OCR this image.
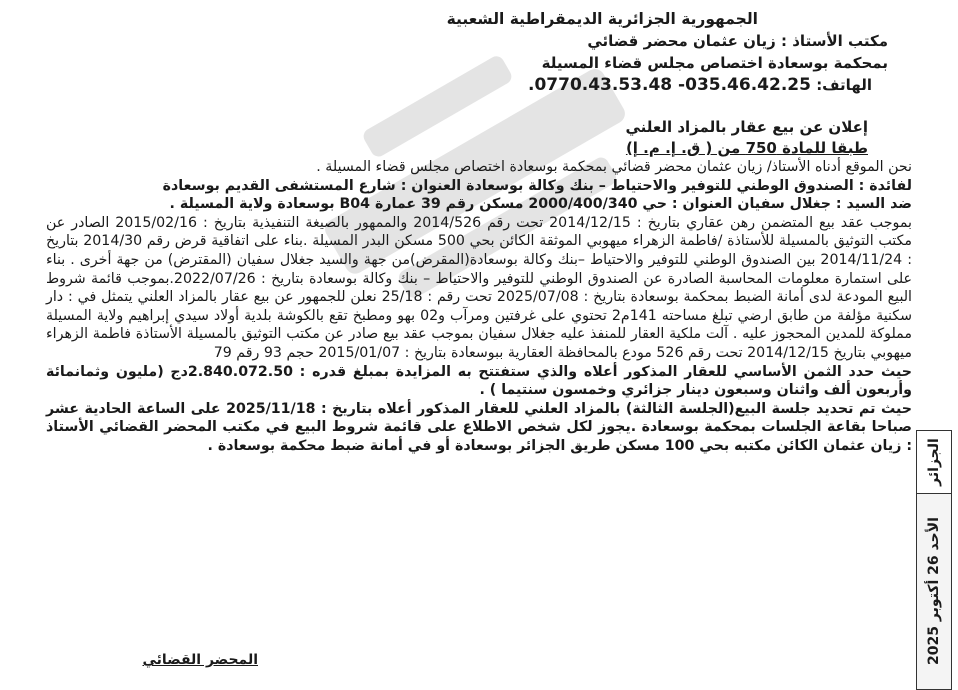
الجمهورية الجزائرية الديمقراطية الشعبية
مكتب الأستاذ : زيان عثمان محضر قضائي
بمحكمة بوسعادة اختصاص مجلس قضاء المسيلة
الهاتف: 035.46.42.25- 0770.43.53.48.
إعلان عن بيع عقار بالمزاد العلني
طبقا للمادة 750 من ( ق. إ. م. إ)

نحن الموقع أدناه الأستاذ/ زيان عثمان محضر قضائي بمحكمة بوسعادة اختصاص مجلس قضاء المسيلة .

لفائدة : الصندوق الوطني للتوفير والاحتياط – بنك وكالة بوسعادة العنوان : شارع المستشفى القديم بوسعادة

ضد السيد : جغلال سفيان العنوان : حي 2000/400/340 مسكن رقم 39 عمارة B04 بوسعادة ولاية المسيلة .

بموجب عقد بيع المتضمن رهن عقاري بتاريخ : 2014/12/15 تحت رقم 2014/526 والممهور بالصيغة التنفيذية بتاريخ : 2015/02/16 الصادر عن مكتب التوثيق بالمسيلة للأستاذة /فاطمة الزهراء ميهوبي الموثقة الكائن بحي 500 مسكن البدر المسيلة .بناء على اتفاقية قرض رقم 2014/30 بتاريخ : 2014/11/24 بين الصندوق الوطني للتوفير والاحتياط –بنك وكالة بوسعادة(المقرض)من جهة والسيد جغلال سفيان (المقترض) من جهة أخرى . بناء على استمارة معلومات المحاسبة الصادرة عن الصندوق الوطني للتوفير والاحتياط – بنك وكالة بوسعادة بتاريخ : 2022/07/26.بموجب قائمة شروط البيع المودعة لدى أمانة الضبط بمحكمة بوسعادة بتاريخ : 2025/07/08 تحت رقم : 25/18 نعلن للجمهور عن بيع عقار بالمزاد العلني يتمثل في : دار سكنية مؤلفة من طابق ارضي تبلغ مساحته 141م2 تحتوي على غرفتين ومرآب و02 بهو ومطبخ تقع بالكوشة بلدية أولاد سيدي إبراهيم ولاية المسيلة مملوكة للمدين المحجوز عليه . آلت ملكية العقار للمنفذ عليه جغلال سفيان بموجب عقد بيع صادر عن مكتب التوثيق بالمسيلة الأستاذة فاطمة الزهراء ميهوبي بتاريخ 2014/12/15 تحت رقم 526 مودع بالمحافظة العقارية ببوسعادة بتاريخ : 2015/01/07 حجم 93 رقم 79

حيث حدد الثمن الأساسي للعقار المذكور أعلاه والذي ستفتتح به المزايدة بمبلغ قدره : 2.840.072.50دج (مليون وثمانمائة وأربعون ألف واثنان وسبعون دينار جزائري وخمسون سنتيما ) .

حيث تم تحديد جلسة البيع(الجلسة الثالثة) بالمزاد العلني للعقار المذكور أعلاه بتاريخ : 2025/11/18 على الساعة الحادية عشر صباحا بقاعة الجلسات بمحكمة بوسعادة .يجوز لكل شخص الاطلاع على قائمة شروط البيع في مكتب المحضر القضائي الأستاذ : زيان عثمان الكائن مكتبه بحي 100 مسكن طريق الجزائر بوسعادة أو في أمانة ضبط محكمة بوسعادة .

المحضر القضائي
الجزائر
الأحد 26 أكتوبر 2025
